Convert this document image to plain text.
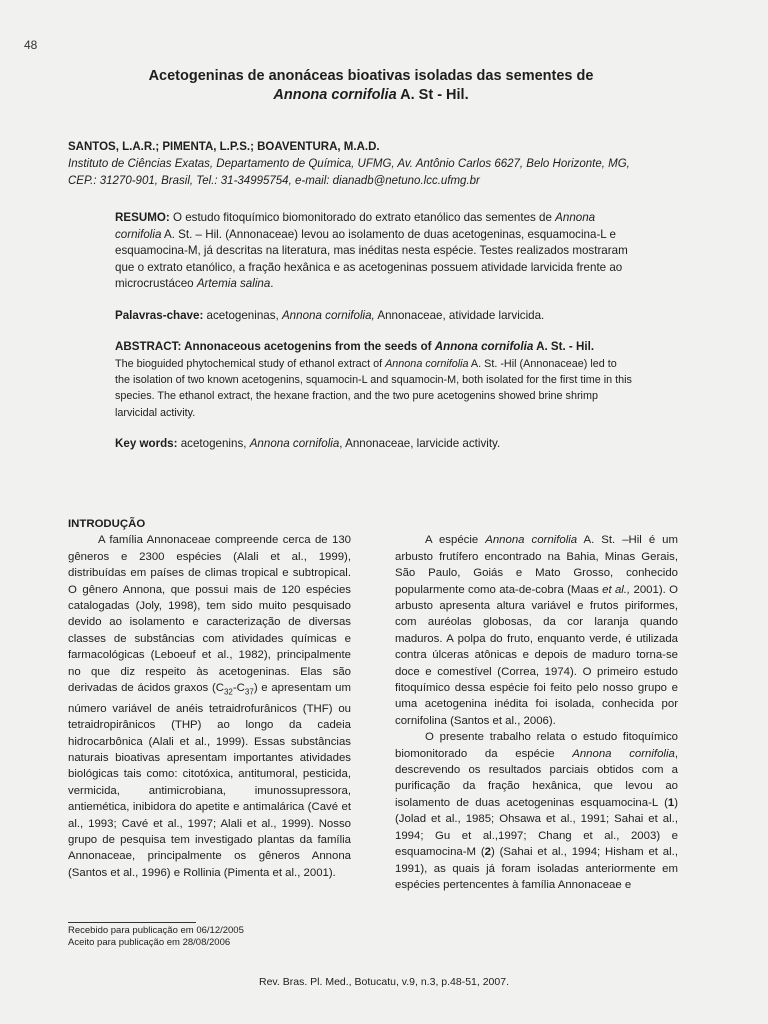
48
Acetogeninas de anonáceas bioativas isoladas das sementes de
Annona cornifolia A. St - Hil.
SANTOS, L.A.R.; PIMENTA, L.P.S.; BOAVENTURA, M.A.D.
Instituto de Ciências Exatas, Departamento de Química, UFMG, Av. Antônio Carlos 6627, Belo Horizonte, MG,
CEP.: 31270-901, Brasil, Tel.: 31-34995754, e-mail: dianadb@netuno.lcc.ufmg.br

RESUMO: O estudo fitoquímico biomonitorado do extrato etanólico das sementes de Annona cornifolia A. St. – Hil. (Annonaceae) levou ao isolamento de duas acetogeninas, esquamocina-L e esquamocina-M, já descritas na literatura, mas inéditas nesta espécie. Testes realizados mostraram que o extrato etanólico, a fração hexânica e as acetogeninas possuem atividade larvicida frente ao microcrustáceo Artemia salina.

Palavras-chave: acetogeninas, Annona cornifolia, Annonaceae, atividade larvicida.

ABSTRACT: Annonaceous acetogenins from the seeds of Annona cornifolia A. St. - Hil.

The bioguided phytochemical study of ethanol extract of Annona cornifolia A. St. -Hil (Annonaceae) led to the isolation of two known acetogenins, squamocin-L and squamocin-M, both isolated for the first time in this species. The ethanol extract, the hexane fraction, and the two pure acetogenins showed brine shrimp larvicidal activity.

Key words: acetogenins, Annona cornifolia, Annonaceae, larvicide activity.

INTRODUÇÃO

A família Annonaceae compreende cerca de 130 gêneros e 2300 espécies (Alali et al., 1999), distribuídas em países de climas tropical e subtropical. O gênero Annona, que possui mais de 120 espécies catalogadas (Joly, 1998), tem sido muito pesquisado devido ao isolamento e caracterização de diversas classes de substâncias com atividades químicas e farmacológicas (Leboeuf et al., 1982), principalmente no que diz respeito às acetogeninas. Elas são derivadas de ácidos graxos $(C_{32}-C_{37})$ e apresentam um número variável de anéis tetraidrofurânicos (THF) ou tetraidropirânicos (THP) ao longo da cadeia hidrocarbônica (Alali et al., 1999). Essas substâncias naturais bioativas apresentam importantes atividades biológicas tais como: citotóxica, antitumoral, pesticida, vermicida, antimicrobiana, imunossupressora, antiemética, inibidora do apetite e antimalárica (Cavé et al., 1993; Cavé et al., 1997; Alali et al., 1999). Nosso grupo de pesquisa tem investigado plantas da família Annonaceae, principalmente os gêneros Annona (Santos et al., 1996) e Rollinia (Pimenta et al., 2001).

A espécie Annona cornifolia A. St. –Hil é um arbusto frutífero encontrado na Bahia, Minas Gerais, São Paulo, Goiás e Mato Grosso, conhecido popularmente como ata-de-cobra (Maas et al., 2001). O arbusto apresenta altura variável e frutos piriformes, com auréolas globosas, da cor laranja quando maduros. A polpa do fruto, enquanto verde, é utilizada contra úlceras atônicas e depois de maduro torna-se doce e comestível (Correa, 1974). O primeiro estudo fitoquímico dessa espécie foi feito pelo nosso grupo e uma acetogenina inédita foi isolada, conhecida por cornifolina (Santos et al., 2006).

O presente trabalho relata o estudo fitoquímico biomonitorado da espécie Annona cornifolia, descrevendo os resultados parciais obtidos com a purificação da fração hexânica, que levou ao isolamento de duas acetogeninas esquamocina-L (1) (Jolad et al., 1985; Ohsawa et al., 1991; Sahai et al., 1994; Gu et al.,1997; Chang et al., 2003) e esquamocina-M (2) (Sahai et al., 1994; Hisham et al., 1991), as quais já foram isoladas anteriormente em espécies pertencentes à família Annonaceae e

Recebido para publicação em 06/12/2005
Aceito para publicação em 28/08/2006
Rev. Bras. Pl. Med., Botucatu, v.9, n.3, p.48-51, 2007.
